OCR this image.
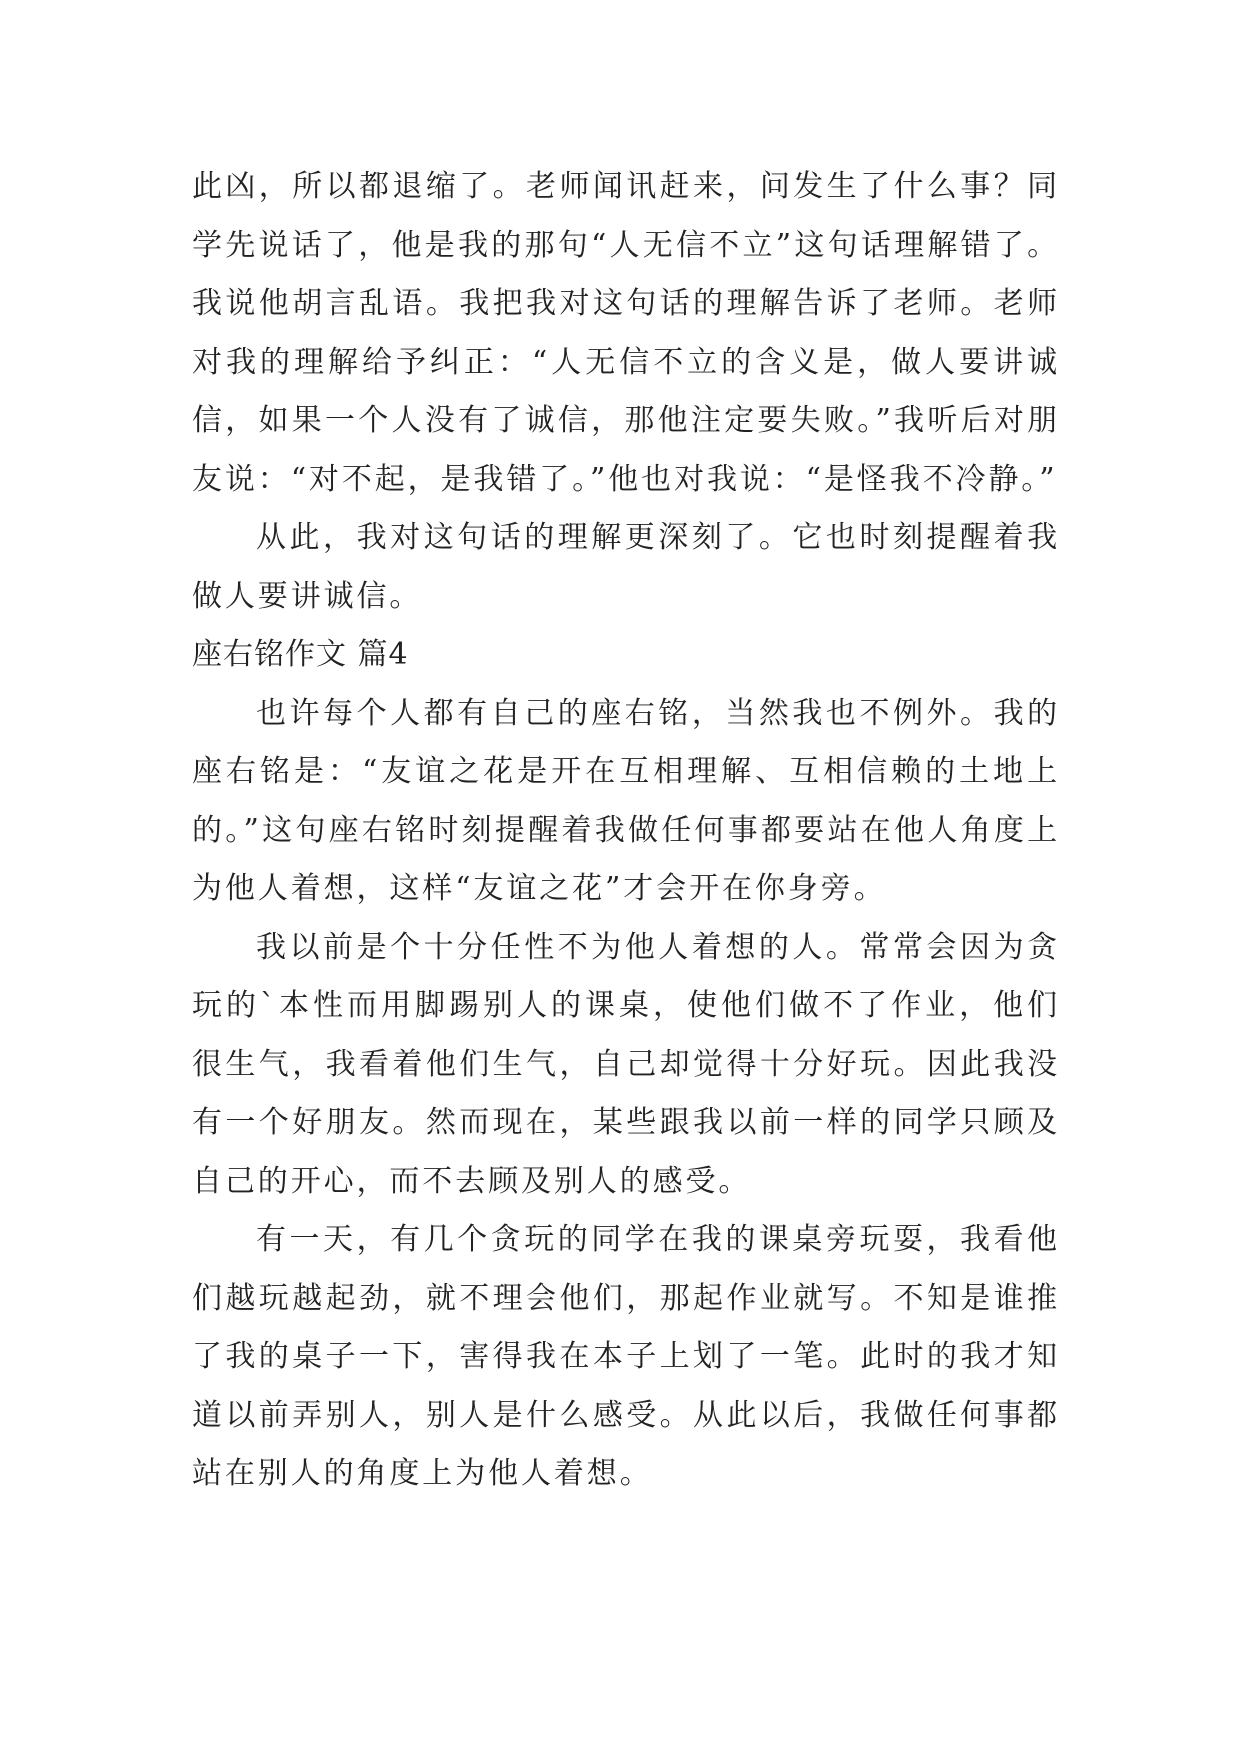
此凶，所以都退缩了。老师闻讯赶来，问发生了什么事？同学先说话了，他是我的那句“人无信不立”这句话理解错了。我说他胡言乱语。我把我对这句话的理解告诉了老师。老师对我的理解给予纠正：“人无信不立的含义是，做人要讲诚信，如果一个人没有了诚信，那他注定要失败。”我听后对朋友说：“对不起，是我错了。”他也对我说：“是怪我不冷静。”

从此，我对这句话的理解更深刻了。它也时刻提醒着我做人要讲诚信。

座右铭作文 篇4

也许每个人都有自己的座右铭，当然我也不例外。我的座右铭是：“友谊之花是开在互相理解、互相信赖的土地上的。”这句座右铭时刻提醒着我做任何事都要站在他人角度上为他人着想，这样“友谊之花”才会开在你身旁。

我以前是个十分任性不为他人着想的人。常常会因为贪玩的`本性而用脚踢别人的课桌，使他们做不了作业，他们很生气，我看着他们生气，自己却觉得十分好玩。因此我没有一个好朋友。然而现在，某些跟我以前一样的同学只顾及自己的开心，而不去顾及别人的感受。

有一天，有几个贪玩的同学在我的课桌旁玩耍，我看他们越玩越起劲，就不理会他们，那起作业就写。不知是谁推了我的桌子一下，害得我在本子上划了一笔。此时的我才知道以前弄别人，别人是什么感受。从此以后，我做任何事都站在别人的角度上为他人着想。
